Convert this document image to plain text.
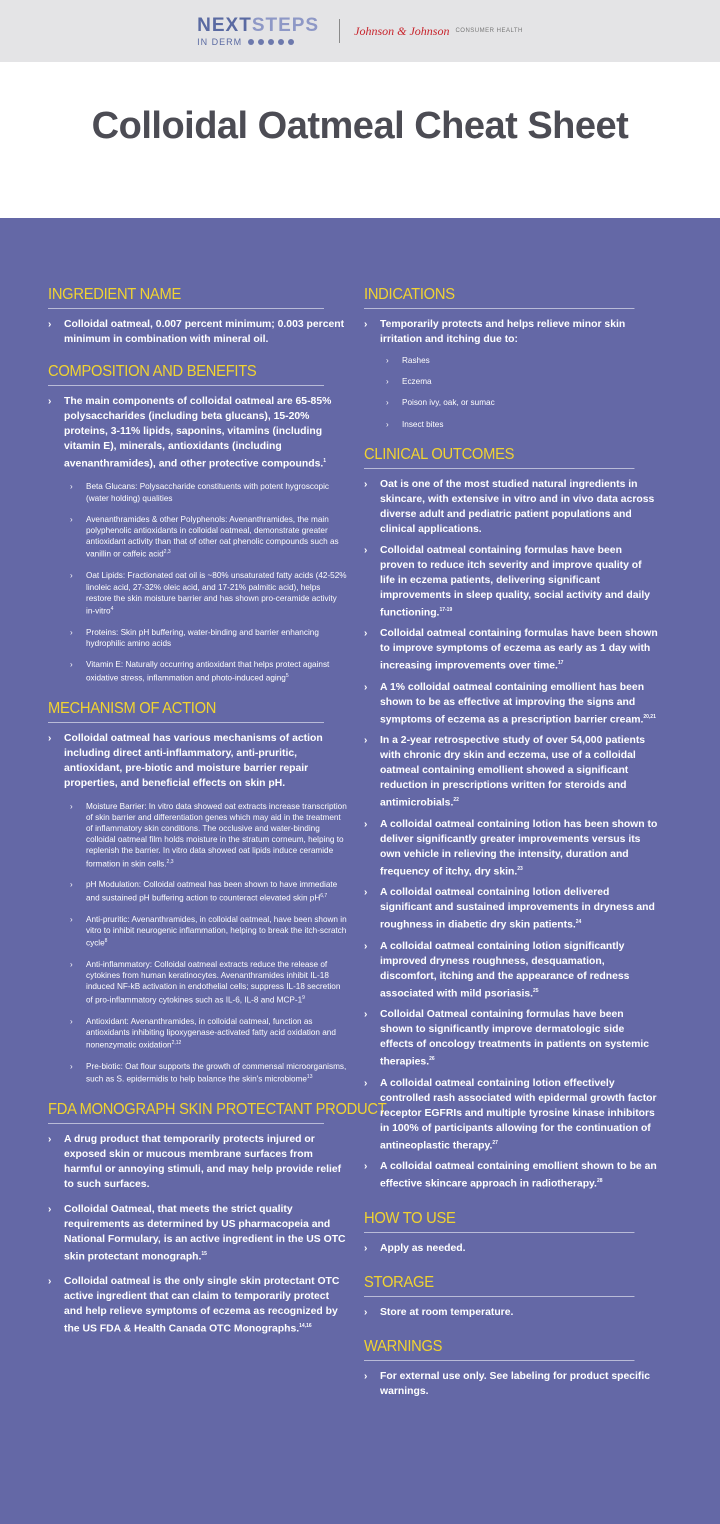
NEXTSTEPS
IN DERM
Johnson & Johnson CONSUMER HEALTH
Colloidal Oatmeal Cheat Sheet
INGREDIENT NAME
› Colloidal oatmeal, 0.007 percent minimum; 0.003 percent minimum in combination with mineral oil.
COMPOSITION AND BENEFITS
› The main components of colloidal oatmeal are 65-85% polysaccharides (including beta glucans), 15-20% proteins, 3-11% lipids, saponins, vitamins (including vitamin E), minerals, antioxidants (including avenanthramides), and other protective compounds.$^1$
› Beta Glucans: Polysaccharide constituents with potent hygroscopic (water holding) qualities
› Avenanthramides & other Polyphenols: Avenanthramides, the main polyphenolic antioxidants in colloidal oatmeal, demonstrate greater antioxidant activity than that of other oat phenolic compounds such as vanillin or caffeic acid$^{2,3}$
› Oat Lipids: Fractionated oat oil is ~80% unsaturated fatty acids (42-52% linoleic acid, 27-32% oleic acid, and 17-21% palmitic acid), helps restore the skin moisture barrier and has shown pro-ceramide activity in-vitro$^4$
› Proteins: Skin pH buffering, water-binding and barrier enhancing hydrophilic amino acids
› Vitamin E: Naturally occurring antioxidant that helps protect against oxidative stress, inflammation and photo-induced aging$^5$
MECHANISM OF ACTION
› Colloidal oatmeal has various mechanisms of action including direct anti-inflammatory, anti-pruritic, antioxidant, pre-biotic and moisture barrier repair properties, and beneficial effects on skin pH.
› Moisture Barrier: In vitro data showed oat extracts increase transcription of skin barrier and differentiation genes which may aid in the treatment of inflammatory skin conditions. The occlusive and water-binding colloidal oatmeal film holds moisture in the stratum corneum, helping to replenish the barrier. In vitro data showed oat lipids induce ceramide formation in skin cells.$^{2,3}$
› pH Modulation: Colloidal oatmeal has been shown to have immediate and sustained pH buffering action to counteract elevated skin pH$^{6,7}$
› Anti-pruritic: Avenanthramides, in colloidal oatmeal, have been shown in vitro to inhibit neurogenic inflammation, helping to break the itch-scratch cycle$^8$
› Anti-inflammatory: Colloidal oatmeal extracts reduce the release of cytokines from human keratinocytes. Avenanthramides inhibit IL-18 induced NF-kB activation in endothelial cells; suppress IL-18 secretion of pro-inflammatory cytokines such as IL-6, IL-8 and MCP-$1^9$
› Antioxidant: Avenanthramides, in colloidal oatmeal, function as antioxidants inhibiting lipoxygenase-activated fatty acid oxidation and nonenzymatic oxidation$^{2,12}$
› Pre-biotic: Oat flour supports the growth of commensal microorganisms, such as S. epidermidis to help balance the skin's microbiome$^{13}$
FDA MONOGRAPH SKIN PROTECTANT PRODUCT
› A drug product that temporarily protects injured or exposed skin or mucous membrane surfaces from harmful or annoying stimuli, and may help provide relief to such surfaces.
› Colloidal Oatmeal, that meets the strict quality requirements as determined by US pharmacopeia and National Formulary, is an active ingredient in the US OTC skin protectant monograph.$^{15}$
› Colloidal oatmeal is the only single skin protectant OTC active ingredient that can claim to temporarily protect and help relieve symptoms of eczema as recognized by the US FDA & Health Canada OTC Monographs.$^{14,16}$
INDICATIONS
› Temporarily protects and helps relieve minor skin irritation and itching due to:
› Rashes
› Eczema
› Poison ivy, oak, or sumac
› Insect bites
CLINICAL OUTCOMES
› Oat is one of the most studied natural ingredients in skincare, with extensive in vitro and in vivo data across diverse adult and pediatric patient populations and clinical applications.
› Colloidal oatmeal containing formulas have been proven to reduce itch severity and improve quality of life in eczema patients, delivering significant improvements in sleep quality, social activity and daily functioning.$^{17-19}$
› Colloidal oatmeal containing formulas have been shown to improve symptoms of eczema as early as 1 day with increasing improvements over time.$^{17}$
› A 1% colloidal oatmeal containing emollient has been shown to be as effective at improving the signs and symptoms of eczema as a prescription barrier cream.$^{20,21}$
› In a 2-year retrospective study of over 54,000 patients with chronic dry skin and eczema, use of a colloidal oatmeal containing emollient showed a significant reduction in prescriptions written for steroids and antimicrobials.$^{22}$
› A colloidal oatmeal containing lotion has been shown to deliver significantly greater improvements versus its own vehicle in relieving the intensity, duration and frequency of itchy, dry skin.$^{23}$
› A colloidal oatmeal containing lotion delivered significant and sustained improvements in dryness and roughness in diabetic dry skin patients.$^{24}$
› A colloidal oatmeal containing lotion significantly improved dryness roughness, desquamation, discomfort, itching and the appearance of redness associated with mild psoriasis.$^{25}$
› Colloidal Oatmeal containing formulas have been shown to significantly improve dermatologic side effects of oncology treatments in patients on systemic therapies.$^{26}$
› A colloidal oatmeal containing lotion effectively controlled rash associated with epidermal growth factor receptor EGFRIs and multiple tyrosine kinase inhibitors in 100% of participants allowing for the continuation of antineoplastic therapy.$^{27}$
› A colloidal oatmeal containing emollient shown to be an effective skincare approach in radiotherapy.$^{28}$
HOW TO USE
› Apply as needed.
STORAGE
› Store at room temperature.
WARNINGS
› For external use only. See labeling for product specific warnings.
